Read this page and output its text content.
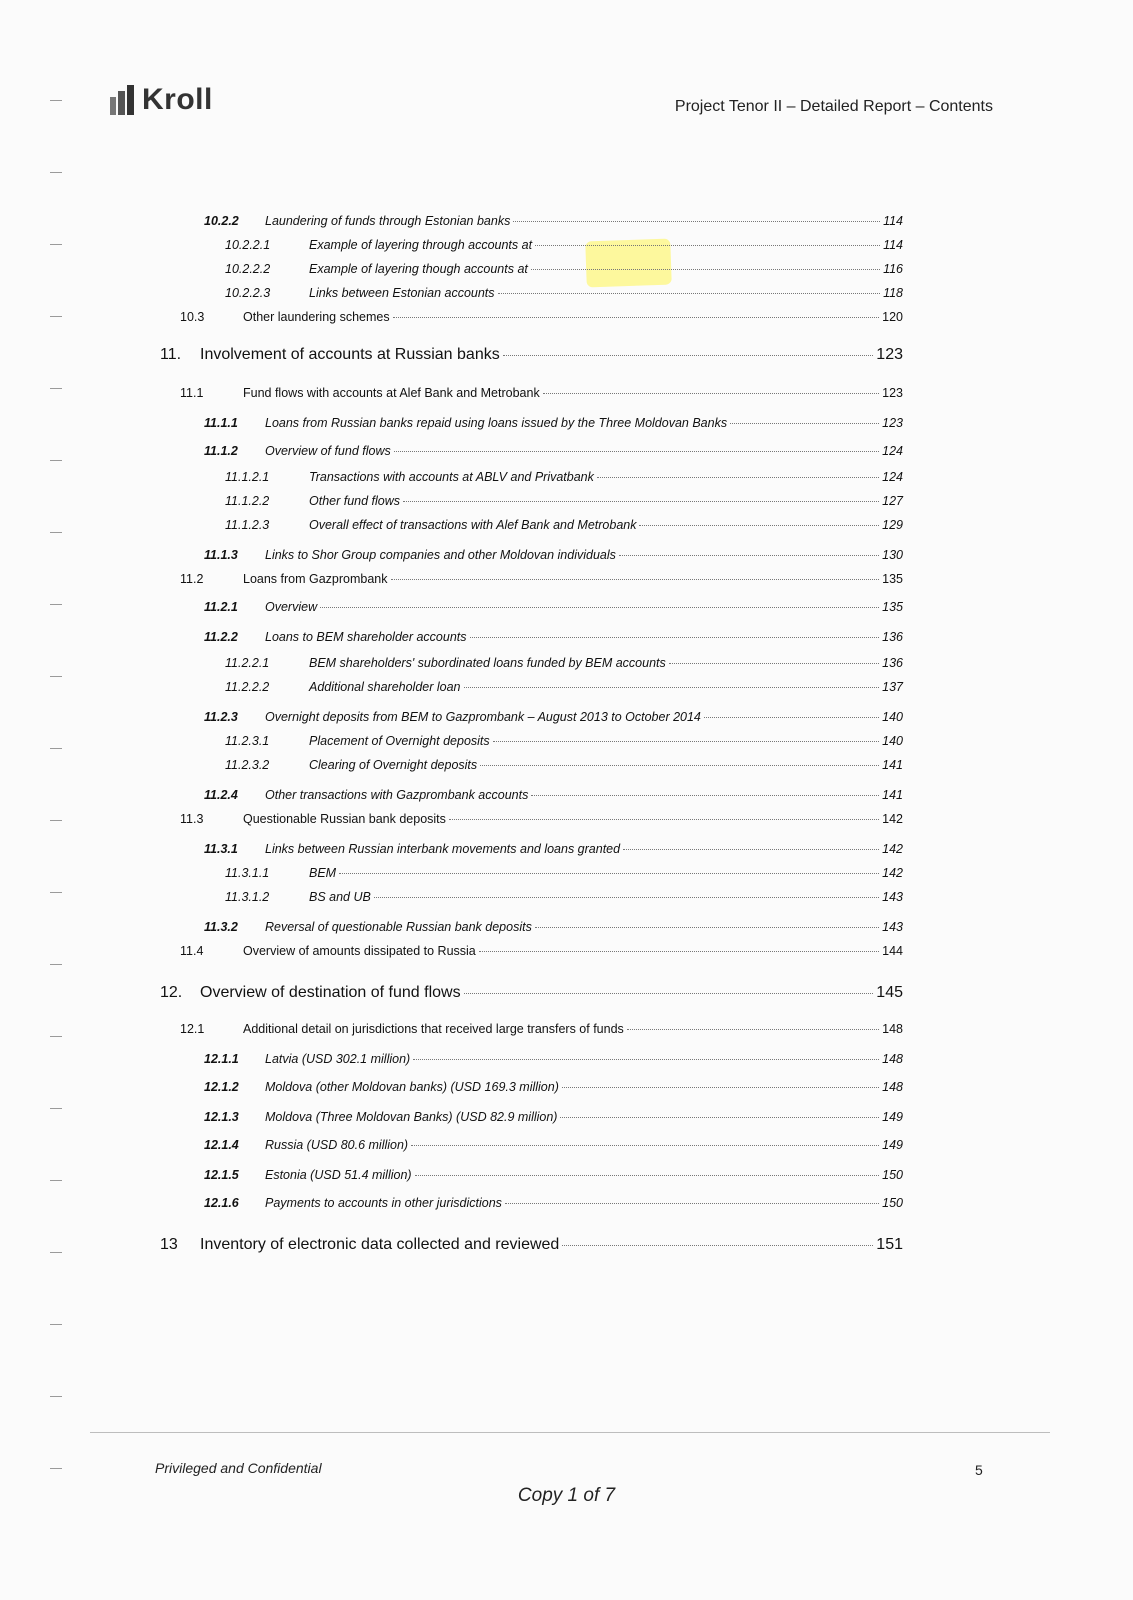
Kroll	Project Tenor II – Detailed Report – Contents
10.2.2	Laundering of funds through Estonian banks	114
10.2.2.1	Example of layering through accounts at	114
10.2.2.2	Example of layering though accounts at	116
10.2.2.3	Links between Estonian accounts	118
10.3	Other laundering schemes	120
11.	Involvement of accounts at Russian banks	123
11.1	Fund flows with accounts at Alef Bank and Metrobank	123
11.1.1	Loans from Russian banks repaid using loans issued by the Three Moldovan Banks	123
11.1.2	Overview of fund flows	124
11.1.2.1	Transactions with accounts at ABLV and Privatbank	124
11.1.2.2	Other fund flows	127
11.1.2.3	Overall effect of transactions with Alef Bank and Metrobank	129
11.1.3	Links to Shor Group companies and other Moldovan individuals	130
11.2	Loans from Gazprombank	135
11.2.1	Overview	135
11.2.2	Loans to BEM shareholder accounts	136
11.2.2.1	BEM shareholders' subordinated loans funded by BEM accounts	136
11.2.2.2	Additional shareholder loan	137
11.2.3	Overnight deposits from BEM to Gazprombank – August 2013 to October 2014	140
11.2.3.1	Placement of Overnight deposits	140
11.2.3.2	Clearing of Overnight deposits	141
11.2.4	Other transactions with Gazprombank accounts	141
11.3	Questionable Russian bank deposits	142
11.3.1	Links between Russian interbank movements and loans granted	142
11.3.1.1	BEM	142
11.3.1.2	BS and UB	143
11.3.2	Reversal of questionable Russian bank deposits	143
11.4	Overview of amounts dissipated to Russia	144
12.	Overview of destination of fund flows	145
12.1	Additional detail on jurisdictions that received large transfers of funds	148
12.1.1	Latvia (USD 302.1 million)	148
12.1.2	Moldova (other Moldovan banks) (USD 169.3 million)	148
12.1.3	Moldova (Three Moldovan Banks) (USD 82.9 million)	149
12.1.4	Russia (USD 80.6 million)	149
12.1.5	Estonia (USD 51.4 million)	150
12.1.6	Payments to accounts in other jurisdictions	150
13	Inventory of electronic data collected and reviewed	151
Privileged and Confidential	5
Copy 1 of 7
